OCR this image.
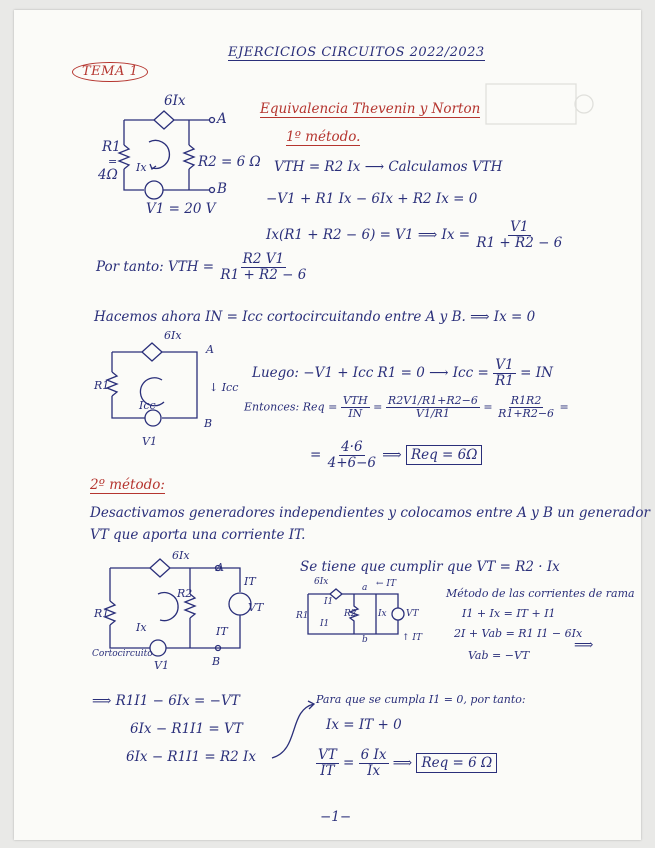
EJERCICIOS CIRCUITOS 2022/2023
TEMA 1
6Ix
A
B
R1
=
4Ω
R2 = 6 Ω
Ix
V1 = 20 V
Equivalencia Thevenin y Norton
1º método.
VTH = R2 Ix ⟶ Calculamos VTH
−V1 + R1 Ix − 6Ix + R2 Ix = 0
Ix(R1 + R2 − 6) = V1 ⟹ $Ix = \frac{V1}{R1 + R2 - 6}$
Por tanto: VTH = $\frac{R2 V1}{R1 + R2 - 6}$
Hacemos ahora IN = Icc cortocircuitando entre A y B. ⟹ Ix = 0
6Ix
A
B
R1
Icc
↓ Icc
V1
Luego: −V1 + Icc R1 = 0 ⟶ Icc = $\frac{V1}{R1}$ = IN
Entonces: Req = $\frac{\text{VTH}}{IN} = \frac{R2V1/R1+R2-6}{V1/R1} = \frac{R1R2}{R1+R2-6}$ =
= $\frac{4\cdot 6}{4+6-6}$ ⟹ Req = 6Ω
2º método:
Desactivamos generadores independientes y colocamos entre A y B un generador
VT que aporta una corriente IT.
6Ix
A
B
R1
R2
Ix
IT
IT
VT
Cortocircuito
V1
Se tiene que cumplir que VT = R2 · Ix
6Ix
a
b
I1
← IT
R1	R2 Ix
I1
VT
↑ IT
Método de las corrientes de rama
I1 + Ix = IT + I1
2I + Vab = R1 I1 − 6Ix
Vab = −VT
⟹
⟹ R1I1 − 6Ix = −VT
6Ix − R1I1 = VT
6Ix − R1I1 = R2 Ix
Para que se cumpla I1 = 0, por tanto:
Ix = IT + 0
$\frac{VT}{IT} = \frac{6 Ix}{Ix}$ ⟹ Req = 6 Ω
−1−
